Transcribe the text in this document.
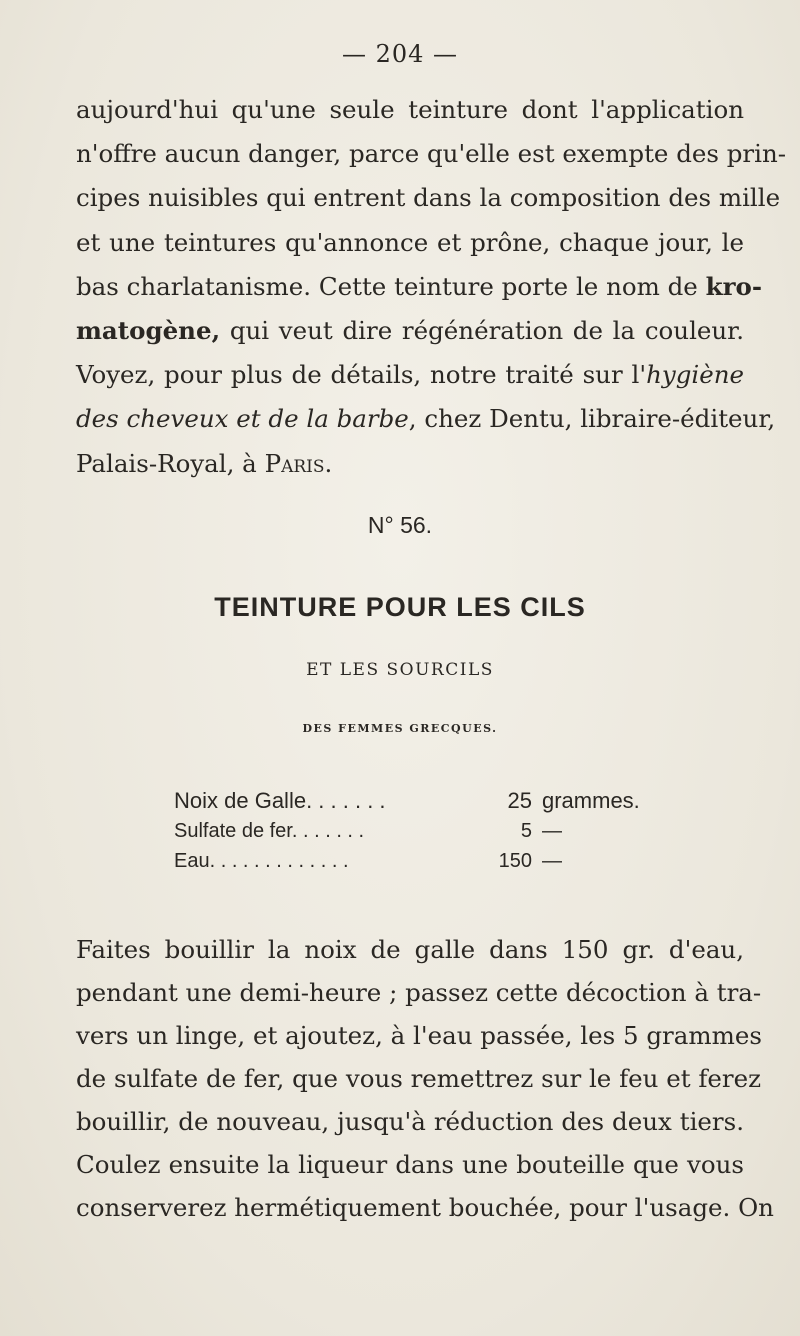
— 204 —
aujourd'hui qu'une seule teinture dont l'application
n'offre aucun danger, parce qu'elle est exempte des prin-
cipes nuisibles qui entrent dans la composition des mille
et une teintures qu'annonce et prône, chaque jour, le
bas charlatanisme. Cette teinture porte le nom de kro-
matogène, qui veut dire régénération de la couleur.
Voyez, pour plus de détails, notre traité sur l'hygiène
des cheveux et de la barbe, chez Dentu, libraire-éditeur,
Palais-Royal, à Paris.
N° 56.
TEINTURE POUR LES CILS
ET LES SOURCILS
DES FEMMES GRECQUES.
Noix de Galle. . . . . . .	25 grammes.
Sulfate de fer. . . . . . .	5 —
Eau. . . . . . . . . . . . .	150 —
Faites bouillir la noix de galle dans 150 gr. d'eau,
pendant une demi-heure ; passez cette décoction à tra-
vers un linge, et ajoutez, à l'eau passée, les 5 grammes
de sulfate de fer, que vous remettrez sur le feu et ferez
bouillir, de nouveau, jusqu'à réduction des deux tiers.
Coulez ensuite la liqueur dans une bouteille que vous
conserverez hermétiquement bouchée, pour l'usage. On
